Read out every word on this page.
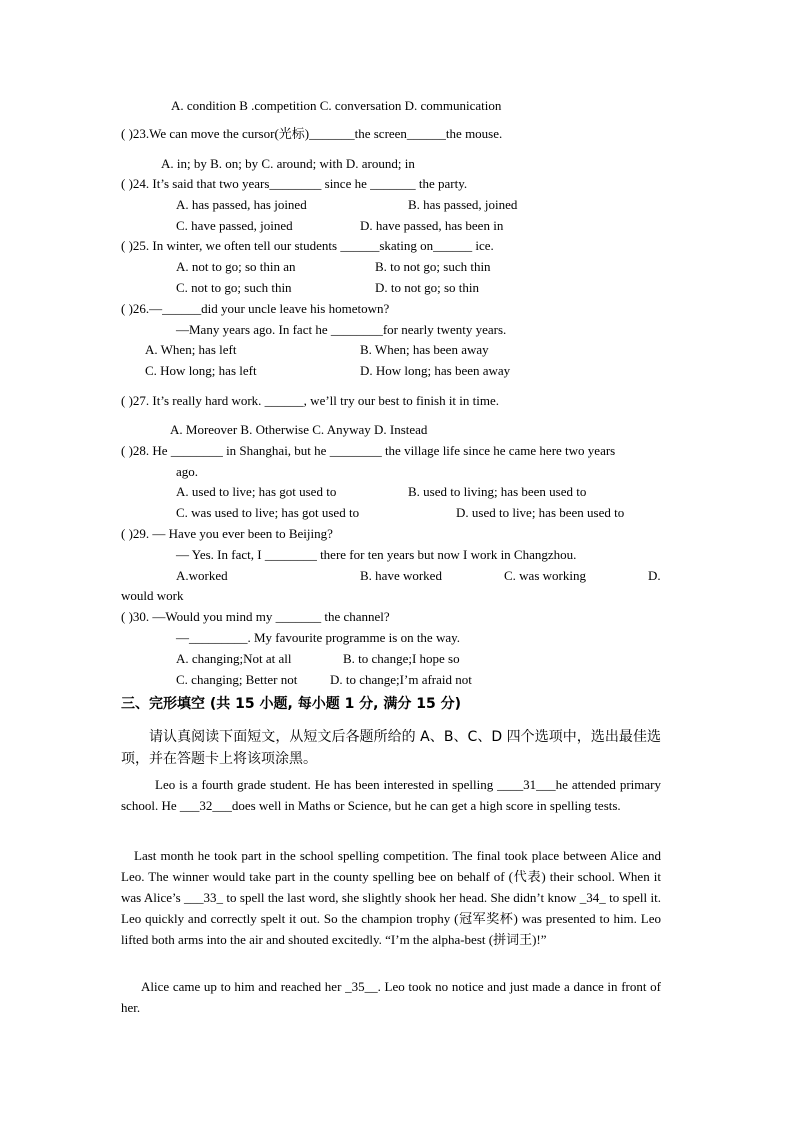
A. condition B .competition C. conversation D. communication
( )23.We can move the cursor(光标)_______the screen______the mouse.
A. in; by B. on; by C. around; with D. around; in
( )24. It’s said that two years________ since he _______ the party.
A. has passed, has joined	B. has passed, joined
C. have passed, joined	D. have passed, has been in
( )25. In winter, we often tell our students ______skating on______ ice.
A. not to go; so thin an	B. to not go; such thin
C. not to go; such thin	D. to not go; so thin
( )26.—______did your uncle leave his hometown?
—Many years ago. In fact he ________for nearly twenty years.
A. When; has left	B. When; has been away
C. How long; has left	D. How long; has been away
( )27. It’s really hard work. ______, we’ll try our best to finish it in time.
A. Moreover B. Otherwise C. Anyway D. Instead
( )28. He ________ in Shanghai, but he ________ the village life since he came here two years
ago.
A. used to live; has got used to	B. used to living; has been used to
C. was used to live; has got used to	D. used to live; has been used to
( )29. — Have you ever been to Beijing?
— Yes. In fact, I ________ there for ten years but now I work in Changzhou.
A.worked	B. have worked	C. was working	D.
would work
( )30. —Would you mind my _______ the channel?
—_________. My favourite programme is on the way.
A. changing;Not at all	B. to change;I hope so
C. changing; Better not	D. to change;I’m afraid not
三、完形填空 (共 15 小题, 每小题 1 分, 满分 15 分)
请认真阅读下面短文，从短文后各题所给的 A、B、C、D 四个选项中，选出最佳选项，并在答题卡上将该项涂黑。
Leo is a fourth grade student. He has been interested in spelling ____31___he attended primary school. He ___32___does well in Maths or Science, but he can get a high score in spelling tests.
Last month he took part in the school spelling competition. The final took place between Alice and Leo. The winner would take part in the county spelling bee on behalf of (代表) their school. When it was Alice’s ___33_ to spell the last word, she slightly shook her head. She didn’t know _34_ to spell it. Leo quickly and correctly spelt it out. So the champion trophy (冠军奖杯) was presented to him. Leo lifted both arms into the air and shouted excitedly. “I’m the alpha-best (拼词王)!”
Alice came up to him and reached her _35__. Leo took no notice and just made a dance in front of her.
